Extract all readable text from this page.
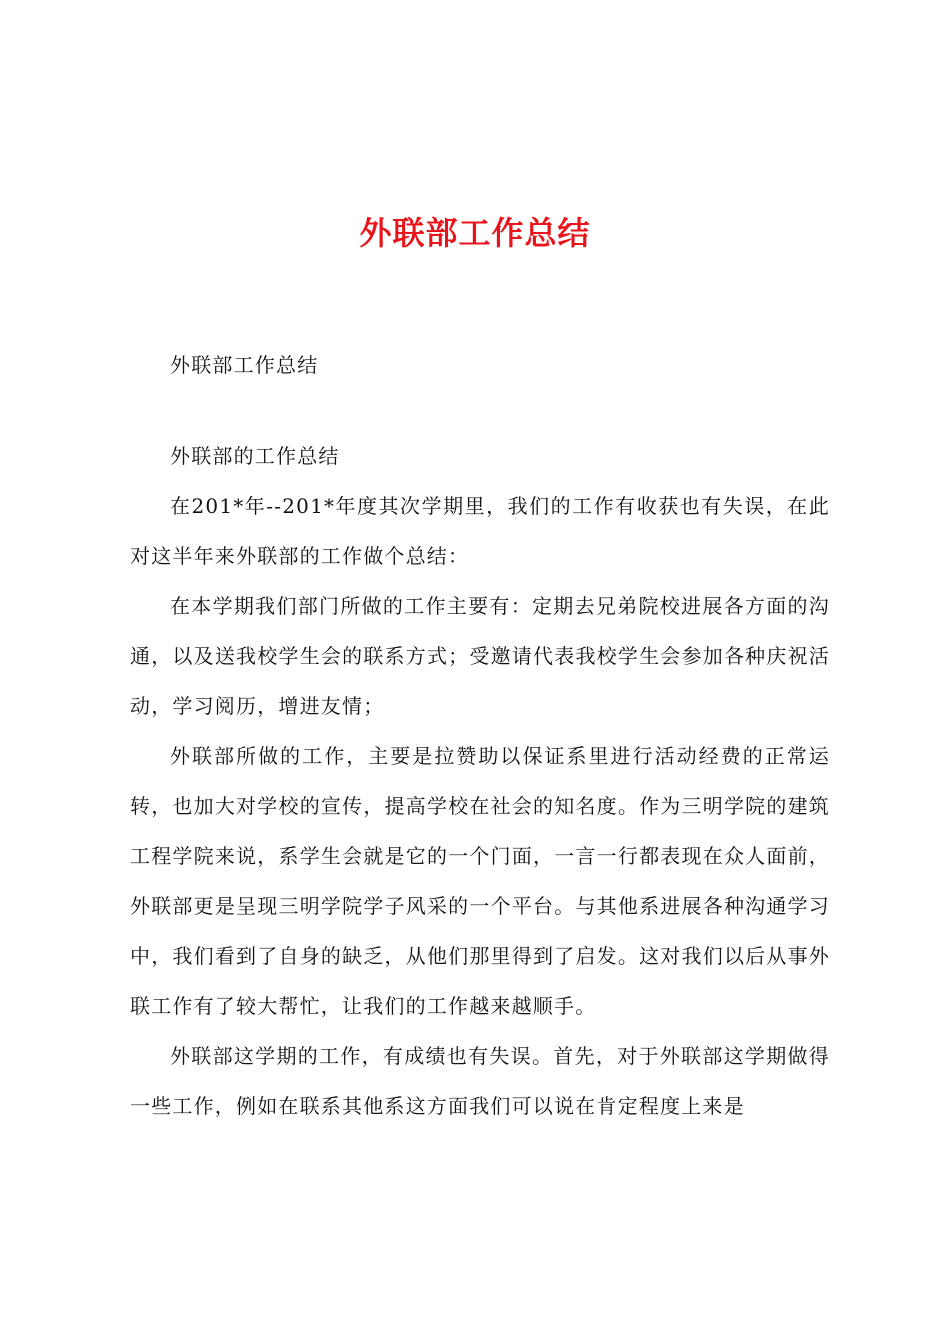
外联部工作总结

外联部工作总结

外联部的工作总结

在201*年--201*年度其次学期里，我们的工作有收获也有失误，在此对这半年来外联部的工作做个总结：

在本学期我们部门所做的工作主要有：定期去兄弟院校进展各方面的沟通，以及送我校学生会的联系方式；受邀请代表我校学生会参加各种庆祝活动，学习阅历，增进友情；

外联部所做的工作，主要是拉赞助以保证系里进行活动经费的正常运转，也加大对学校的宣传，提高学校在社会的知名度。作为三明学院的建筑工程学院来说，系学生会就是它的一个门面，一言一行都表现在众人面前，外联部更是呈现三明学院学子风采的一个平台。与其他系进展各种沟通学习中，我们看到了自身的缺乏，从他们那里得到了启发。这对我们以后从事外联工作有了较大帮忙，让我们的工作越来越顺手。

外联部这学期的工作，有成绩也有失误。首先，对于外联部这学期做得一些工作，例如在联系其他系这方面我们可以说在肯定程度上来是
